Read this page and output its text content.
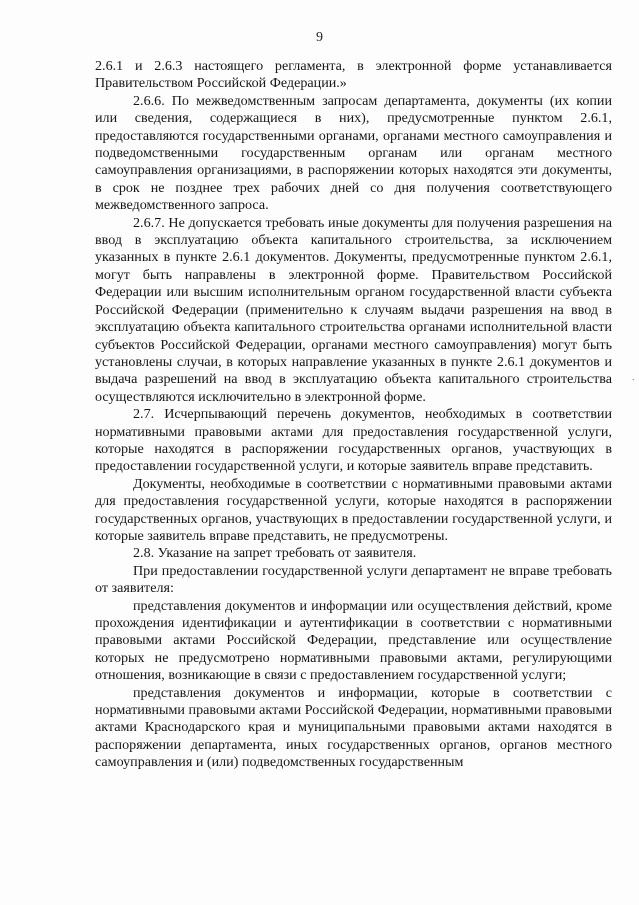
9

2.6.1 и 2.6.3 настоящего регламента, в электронной форме устанавливается Правительством Российской Федерации.»

2.6.6. По межведомственным запросам департамента, документы (их копии или сведения, содержащиеся в них), предусмотренные пунктом 2.6.1, предоставляются государственными органами, органами местного самоуправления и подведомственными государственным органам или органам местного самоуправления организациями, в распоряжении которых находятся эти документы, в срок не позднее трех рабочих дней со дня получения соответствующего межведомственного запроса.

2.6.7. Не допускается требовать иные документы для получения разрешения на ввод в эксплуатацию объекта капитального строительства, за исключением указанных в пункте 2.6.1 документов. Документы, предусмотренные пунктом 2.6.1, могут быть направлены в электронной форме. Правительством Российской Федерации или высшим исполнительным органом государственной власти субъекта Российской Федерации (применительно к случаям выдачи разрешения на ввод в эксплуатацию объекта капитального строительства органами исполнительной власти субъектов Российской Федерации, органами местного самоуправления) могут быть установлены случаи, в которых направление указанных в пункте 2.6.1 документов и выдача разрешений на ввод в эксплуатацию объекта капитального строительства осуществляются исключительно в электронной форме.

2.7. Исчерпывающий перечень документов, необходимых в соответствии нормативными правовыми актами для предоставления государственной услуги, которые находятся в распоряжении государственных органов, участвующих в предоставлении государственной услуги, и которые заявитель вправе представить.

Документы, необходимые в соответствии с нормативными правовыми актами для предоставления государственной услуги, которые находятся в распоряжении государственных органов, участвующих в предоставлении государственной услуги, и которые заявитель вправе представить, не предусмотрены.

2.8. Указание на запрет требовать от заявителя.

При предоставлении государственной услуги департамент не вправе требовать от заявителя:

представления документов и информации или осуществления действий, кроме прохождения идентификации и аутентификации в соответствии с нормативными правовыми актами Российской Федерации, представление или осуществление которых не предусмотрено нормативными правовыми актами, регулирующими отношения, возникающие в связи с предоставлением государственной услуги;

представления документов и информации, которые в соответствии с нормативными правовыми актами Российской Федерации, нормативными правовыми актами Краснодарского края и муниципальными правовыми актами находятся в распоряжении департамента, иных государственных органов, органов местного самоуправления и (или) подведомственных государственным

·
